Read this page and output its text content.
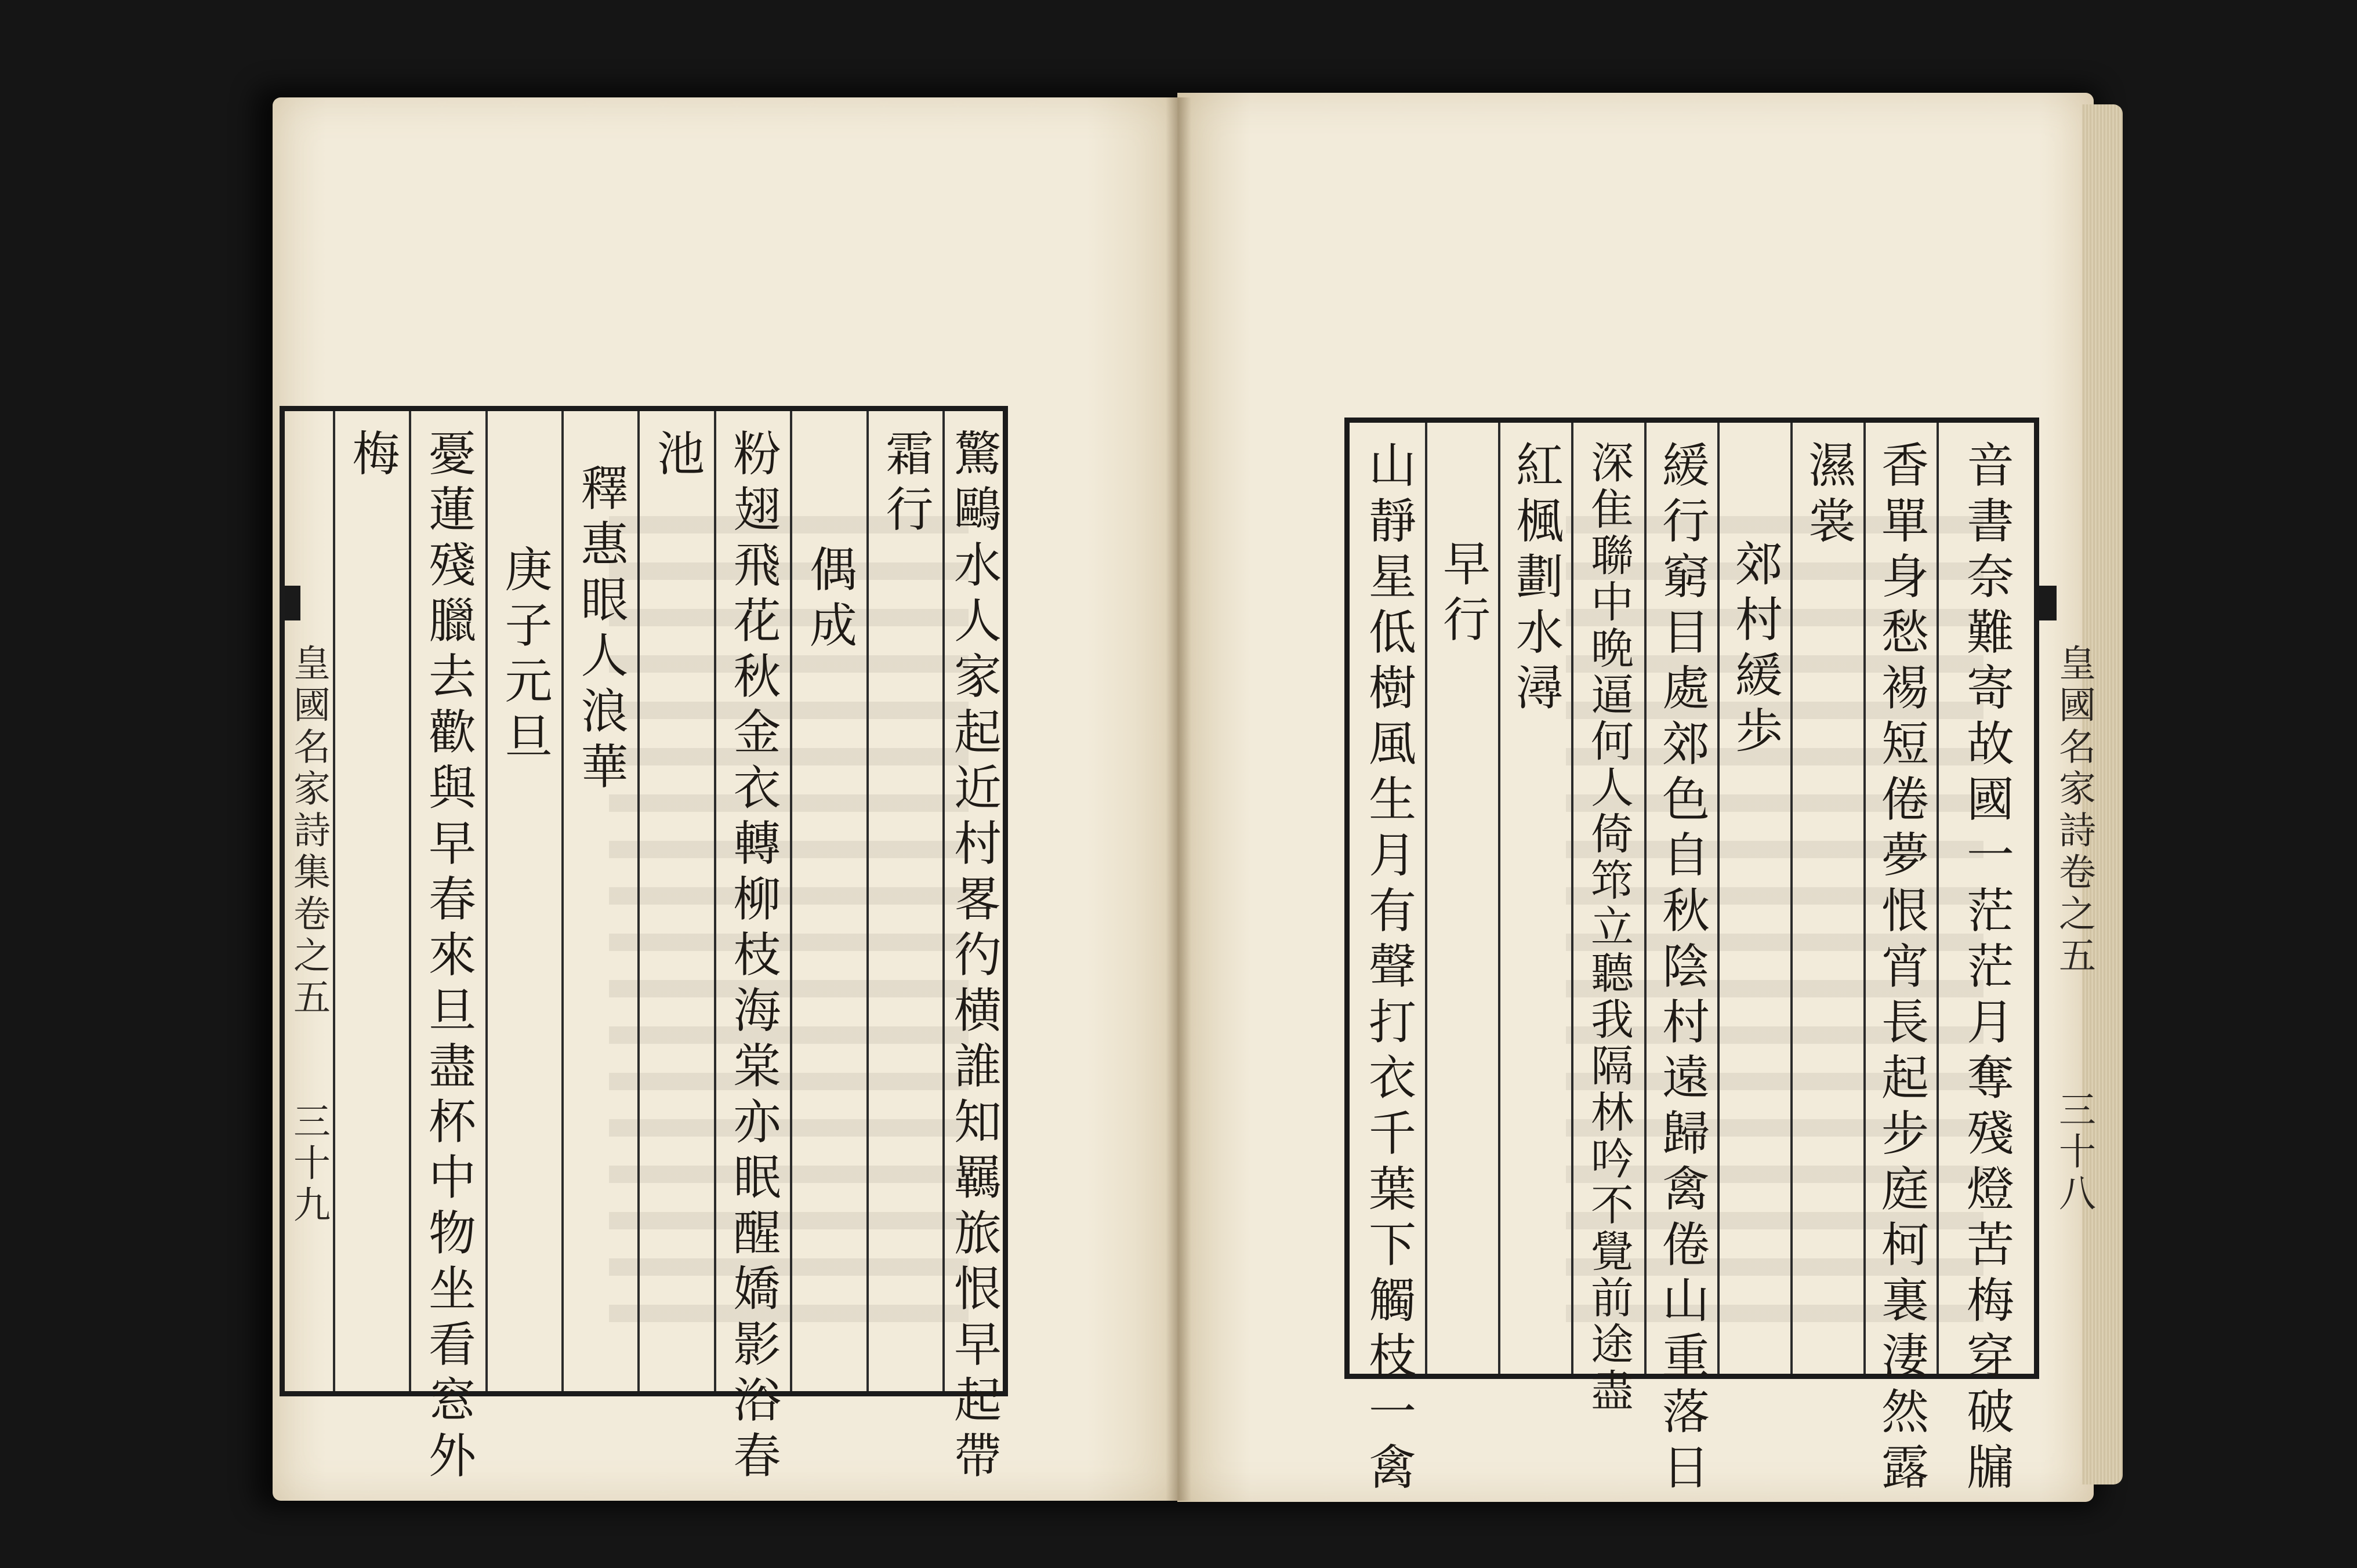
皇國名家詩集卷之五
三十九	驚鷗水人家起近村畧彴横誰知羈旅恨早起帶
霜行
偶成
粉翅飛花秋金衣轉柳枝海棠亦眠醒嬌影浴春
池
釋惠眼人浪華
庚子元旦
憂蓮殘臘去歡與早春來旦盡杯中物坐看窓外
梅
皇國名家詩卷之五
三十八
音書奈難寄故國一茫茫月奪殘燈苦梅穿破牖
香單身愁裼短倦夢恨宵長起步庭柯裏淒然露
濕裳
郊村緩歩
緩行窮目處郊色自秋陰村遠歸禽倦山重落日
深隹聯中晩逼何人倚筇立聽我隔林吟不覺前途盡
紅楓劃水潯
早行
山靜星低樹風生月有聲打衣千葉下觸枝一禽
